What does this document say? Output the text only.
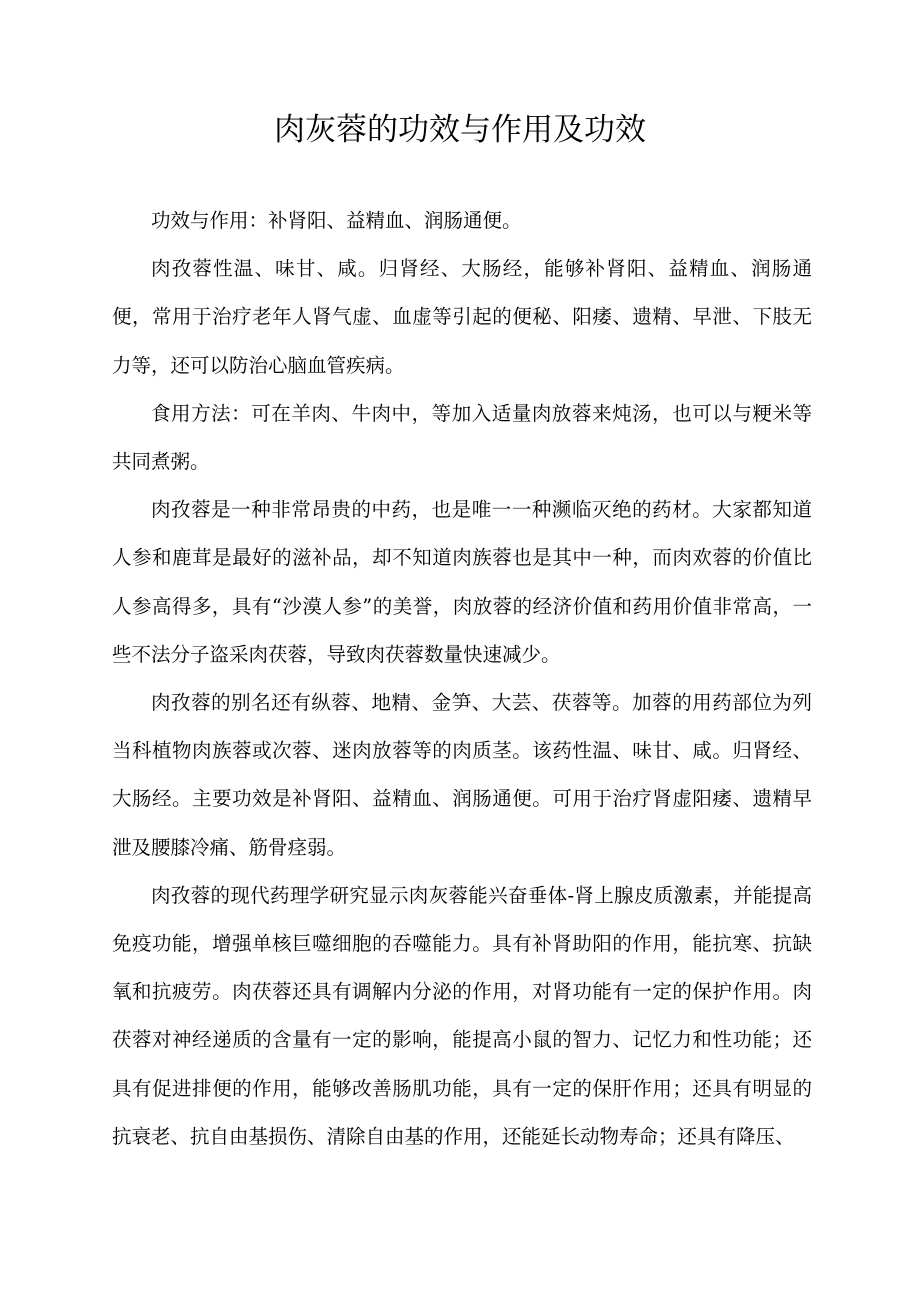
肉灰蓉的功效与作用及功效

功效与作用：补肾阳、益精血、润肠通便。

肉孜蓉性温、味甘、咸。归肾经、大肠经，能够补肾阳、益精血、润肠通便，常用于治疗老年人肾气虚、血虚等引起的便秘、阳痿、遗精、早泄、下肢无力等，还可以防治心脑血管疾病。

食用方法：可在羊肉、牛肉中，等加入适量肉放蓉来炖汤，也可以与粳米等共同煮粥。

肉孜蓉是一种非常昂贵的中药，也是唯一一种濒临灭绝的药材。大家都知道人参和鹿茸是最好的滋补品，却不知道肉族蓉也是其中一种，而肉欢蓉的价值比人参高得多，具有“沙漠人参”的美誉，肉放蓉的经济价值和药用价值非常高，一些不法分子盗采肉茯蓉，导致肉茯蓉数量快速减少。

肉孜蓉的别名还有纵蓉、地精、金笋、大芸、茯蓉等。加蓉的用药部位为列当科植物肉族蓉或次蓉、迷肉放蓉等的肉质茎。该药性温、味甘、咸。归肾经、大肠经。主要功效是补肾阳、益精血、润肠通便。可用于治疗肾虚阳痿、遗精早泄及腰膝冷痛、筋骨痉弱。

肉孜蓉的现代药理学研究显示肉灰蓉能兴奋垂体-肾上腺皮质激素，并能提高免疫功能，增强单核巨噬细胞的吞噬能力。具有补肾助阳的作用，能抗寒、抗缺氧和抗疲劳。肉茯蓉还具有调解内分泌的作用，对肾功能有一定的保护作用。肉茯蓉对神经递质的含量有一定的影响，能提高小鼠的智力、记忆力和性功能；还具有促进排便的作用，能够改善肠肌功能，具有一定的保肝作用；还具有明显的抗衰老、抗自由基损伤、清除自由基的作用，还能延长动物寿命；还具有降压、
